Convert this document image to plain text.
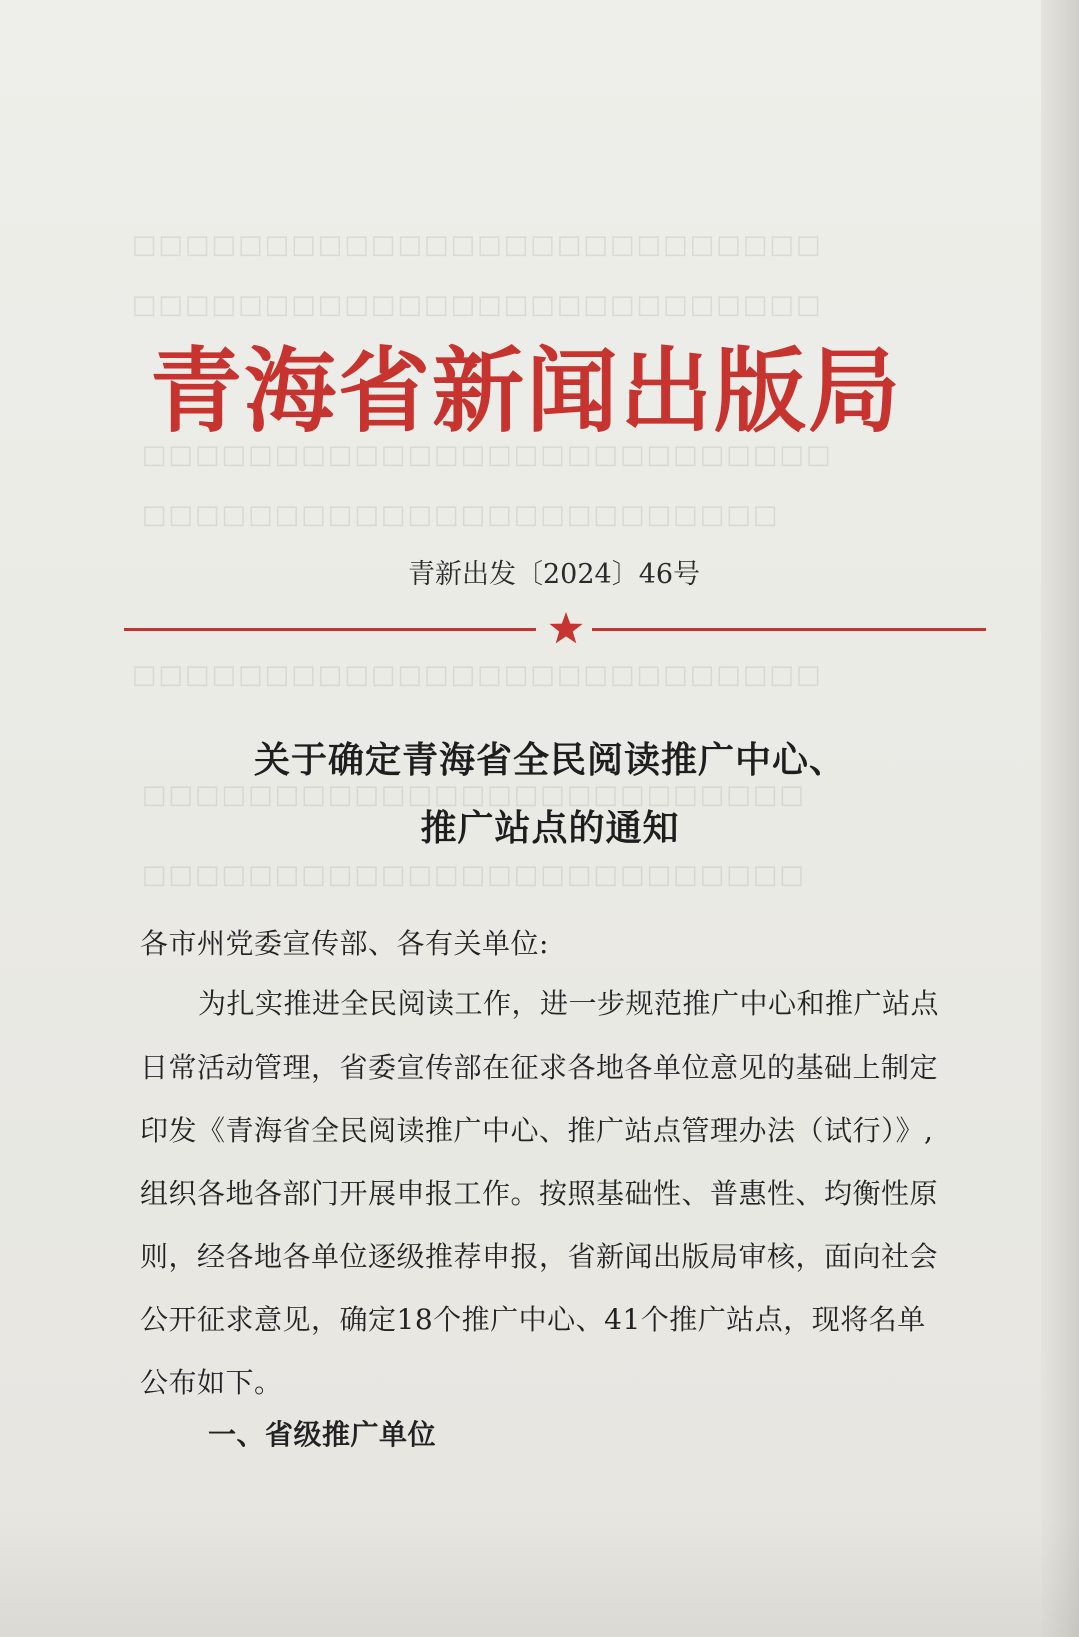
□□□□□□□□□□□□□□□□□□□□□□□□□□
□□□□□□□□□□□□□□□□□□□□□□□□□□
□□□□□□□□□□□□□□□□□□□□□□□□□□
□□□□□□□□□□□□□□□□□□□□□□□□
□□□□□□□□□□□□□□□□□□□□□□□□□□
□□□□□□□□□□□□□□□□□□□□□□□□□
□□□□□□□□□□□□□□□□□□□□□□□□□
青海省新闻出版局
青新出发〔2024〕46号
关于确定青海省全民阅读推广中心、
推广站点的通知
各市州党委宣传部、各有关单位:
为扎实推进全民阅读工作，进一步规范推广中心和推广站点
日常活动管理，省委宣传部在征求各地各单位意见的基础上制定
印发《青海省全民阅读推广中心、推广站点管理办法（试行）》,
组织各地各部门开展申报工作。按照基础性、普惠性、均衡性原
则，经各地各单位逐级推荐申报，省新闻出版局审核，面向社会
公开征求意见，确定18个推广中心、41个推广站点，现将名单
公布如下。
一、省级推广单位
